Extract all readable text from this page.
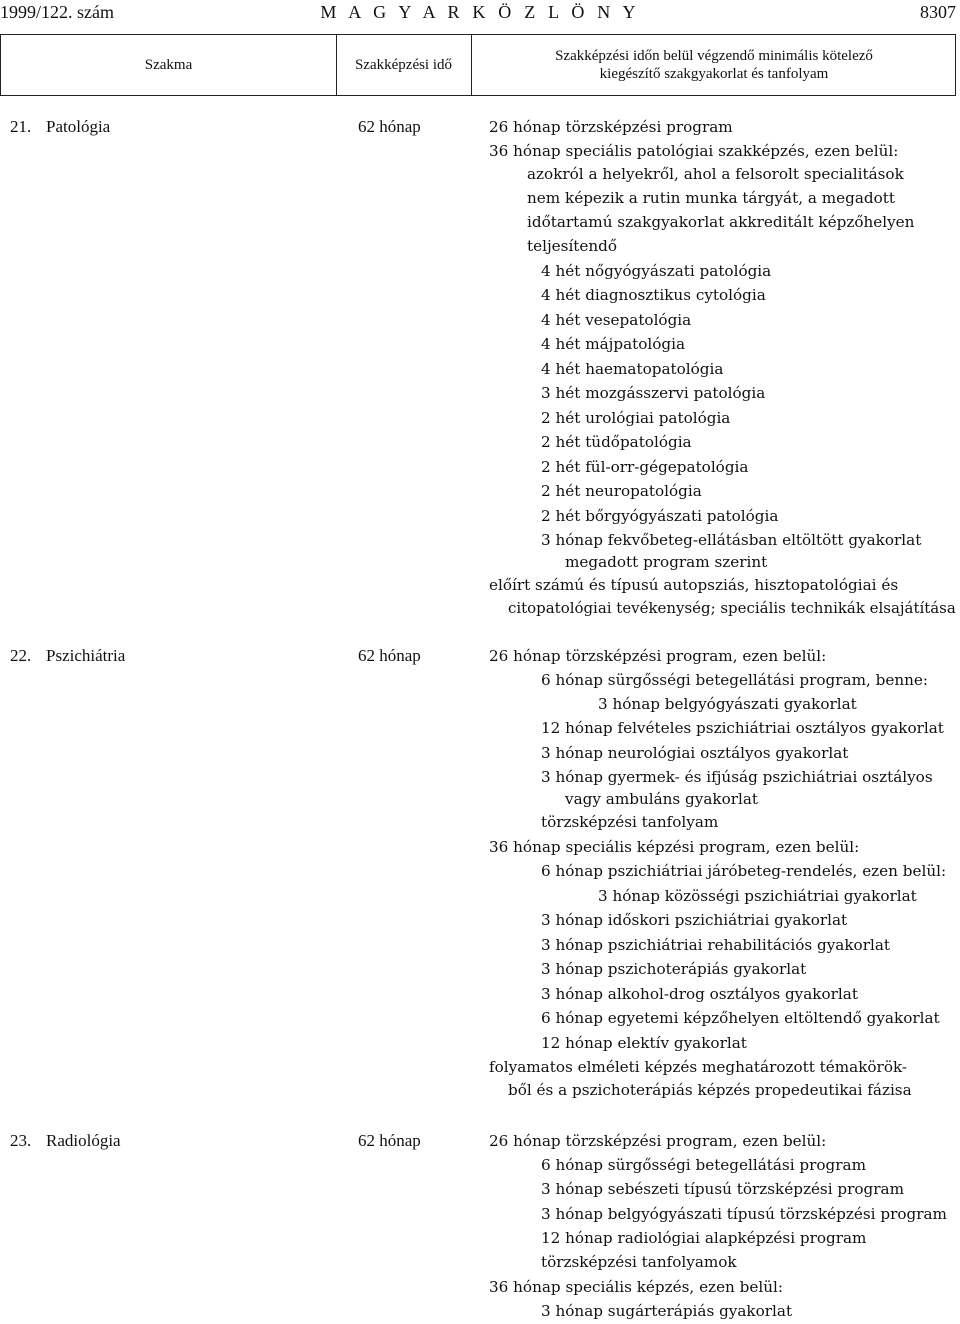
1999/122. szám	M A G Y A R K Ö Z L Ö N Y	8307
Szakma	Szakképzési idő
Szakképzési időn belül végzendő minimális kötelező
kiegészítő szakgyakorlat és tanfolyam
21. Patológia	62 hónap	26 hónap törzsképzési program
36 hónap speciális patológiai szakképzés, ezen belül:
azokról a helyekről, ahol a felsorolt specialitások
nem képezik a rutin munka tárgyát, a megadott
időtartamú szakgyakorlat akkreditált képzőhelyen
teljesítendő
4 hét nőgyógyászati patológia
4 hét diagnosztikus cytológia
4 hét vesepatológia
4 hét májpatológia
4 hét haematopatológia
3 hét mozgásszervi patológia
2 hét urológiai patológia
2 hét tüdőpatológia
2 hét fül-orr-gégepatológia
2 hét neuropatológia
2 hét bőrgyógyászati patológia
3 hónap fekvőbeteg-ellátásban eltöltött gyakorlat
megadott program szerint
előírt számú és típusú autopsziás, hisztopatológiai és
citopatológiai tevékenység; speciális technikák elsajátítása
22. Pszichiátria	62 hónap	26 hónap törzsképzési program, ezen belül:
6 hónap sürgősségi betegellátási program, benne:
3 hónap belgyógyászati gyakorlat
12 hónap felvételes pszichiátriai osztályos gyakorlat
3 hónap neurológiai osztályos gyakorlat
3 hónap gyermek- és ifjúság pszichiátriai osztályos
vagy ambuláns gyakorlat
törzsképzési tanfolyam
36 hónap speciális képzési program, ezen belül:
6 hónap pszichiátriai járóbeteg-rendelés, ezen belül:
3 hónap közösségi pszichiátriai gyakorlat
3 hónap időskori pszichiátriai gyakorlat
3 hónap pszichiátriai rehabilitációs gyakorlat
3 hónap pszichoterápiás gyakorlat
3 hónap alkohol-drog osztályos gyakorlat
6 hónap egyetemi képzőhelyen eltöltendő gyakorlat
12 hónap elektív gyakorlat
folyamatos elméleti képzés meghatározott témakörök-
ből és a pszichoterápiás képzés propedeutikai fázisa
23. Radiológia	62 hónap	26 hónap törzsképzési program, ezen belül:
6 hónap sürgősségi betegellátási program
3 hónap sebészeti típusú törzsképzési program
3 hónap belgyógyászati típusú törzsképzési program
12 hónap radiológiai alapképzési program
törzsképzési tanfolyamok
36 hónap speciális képzés, ezen belül:
3 hónap sugárterápiás gyakorlat
